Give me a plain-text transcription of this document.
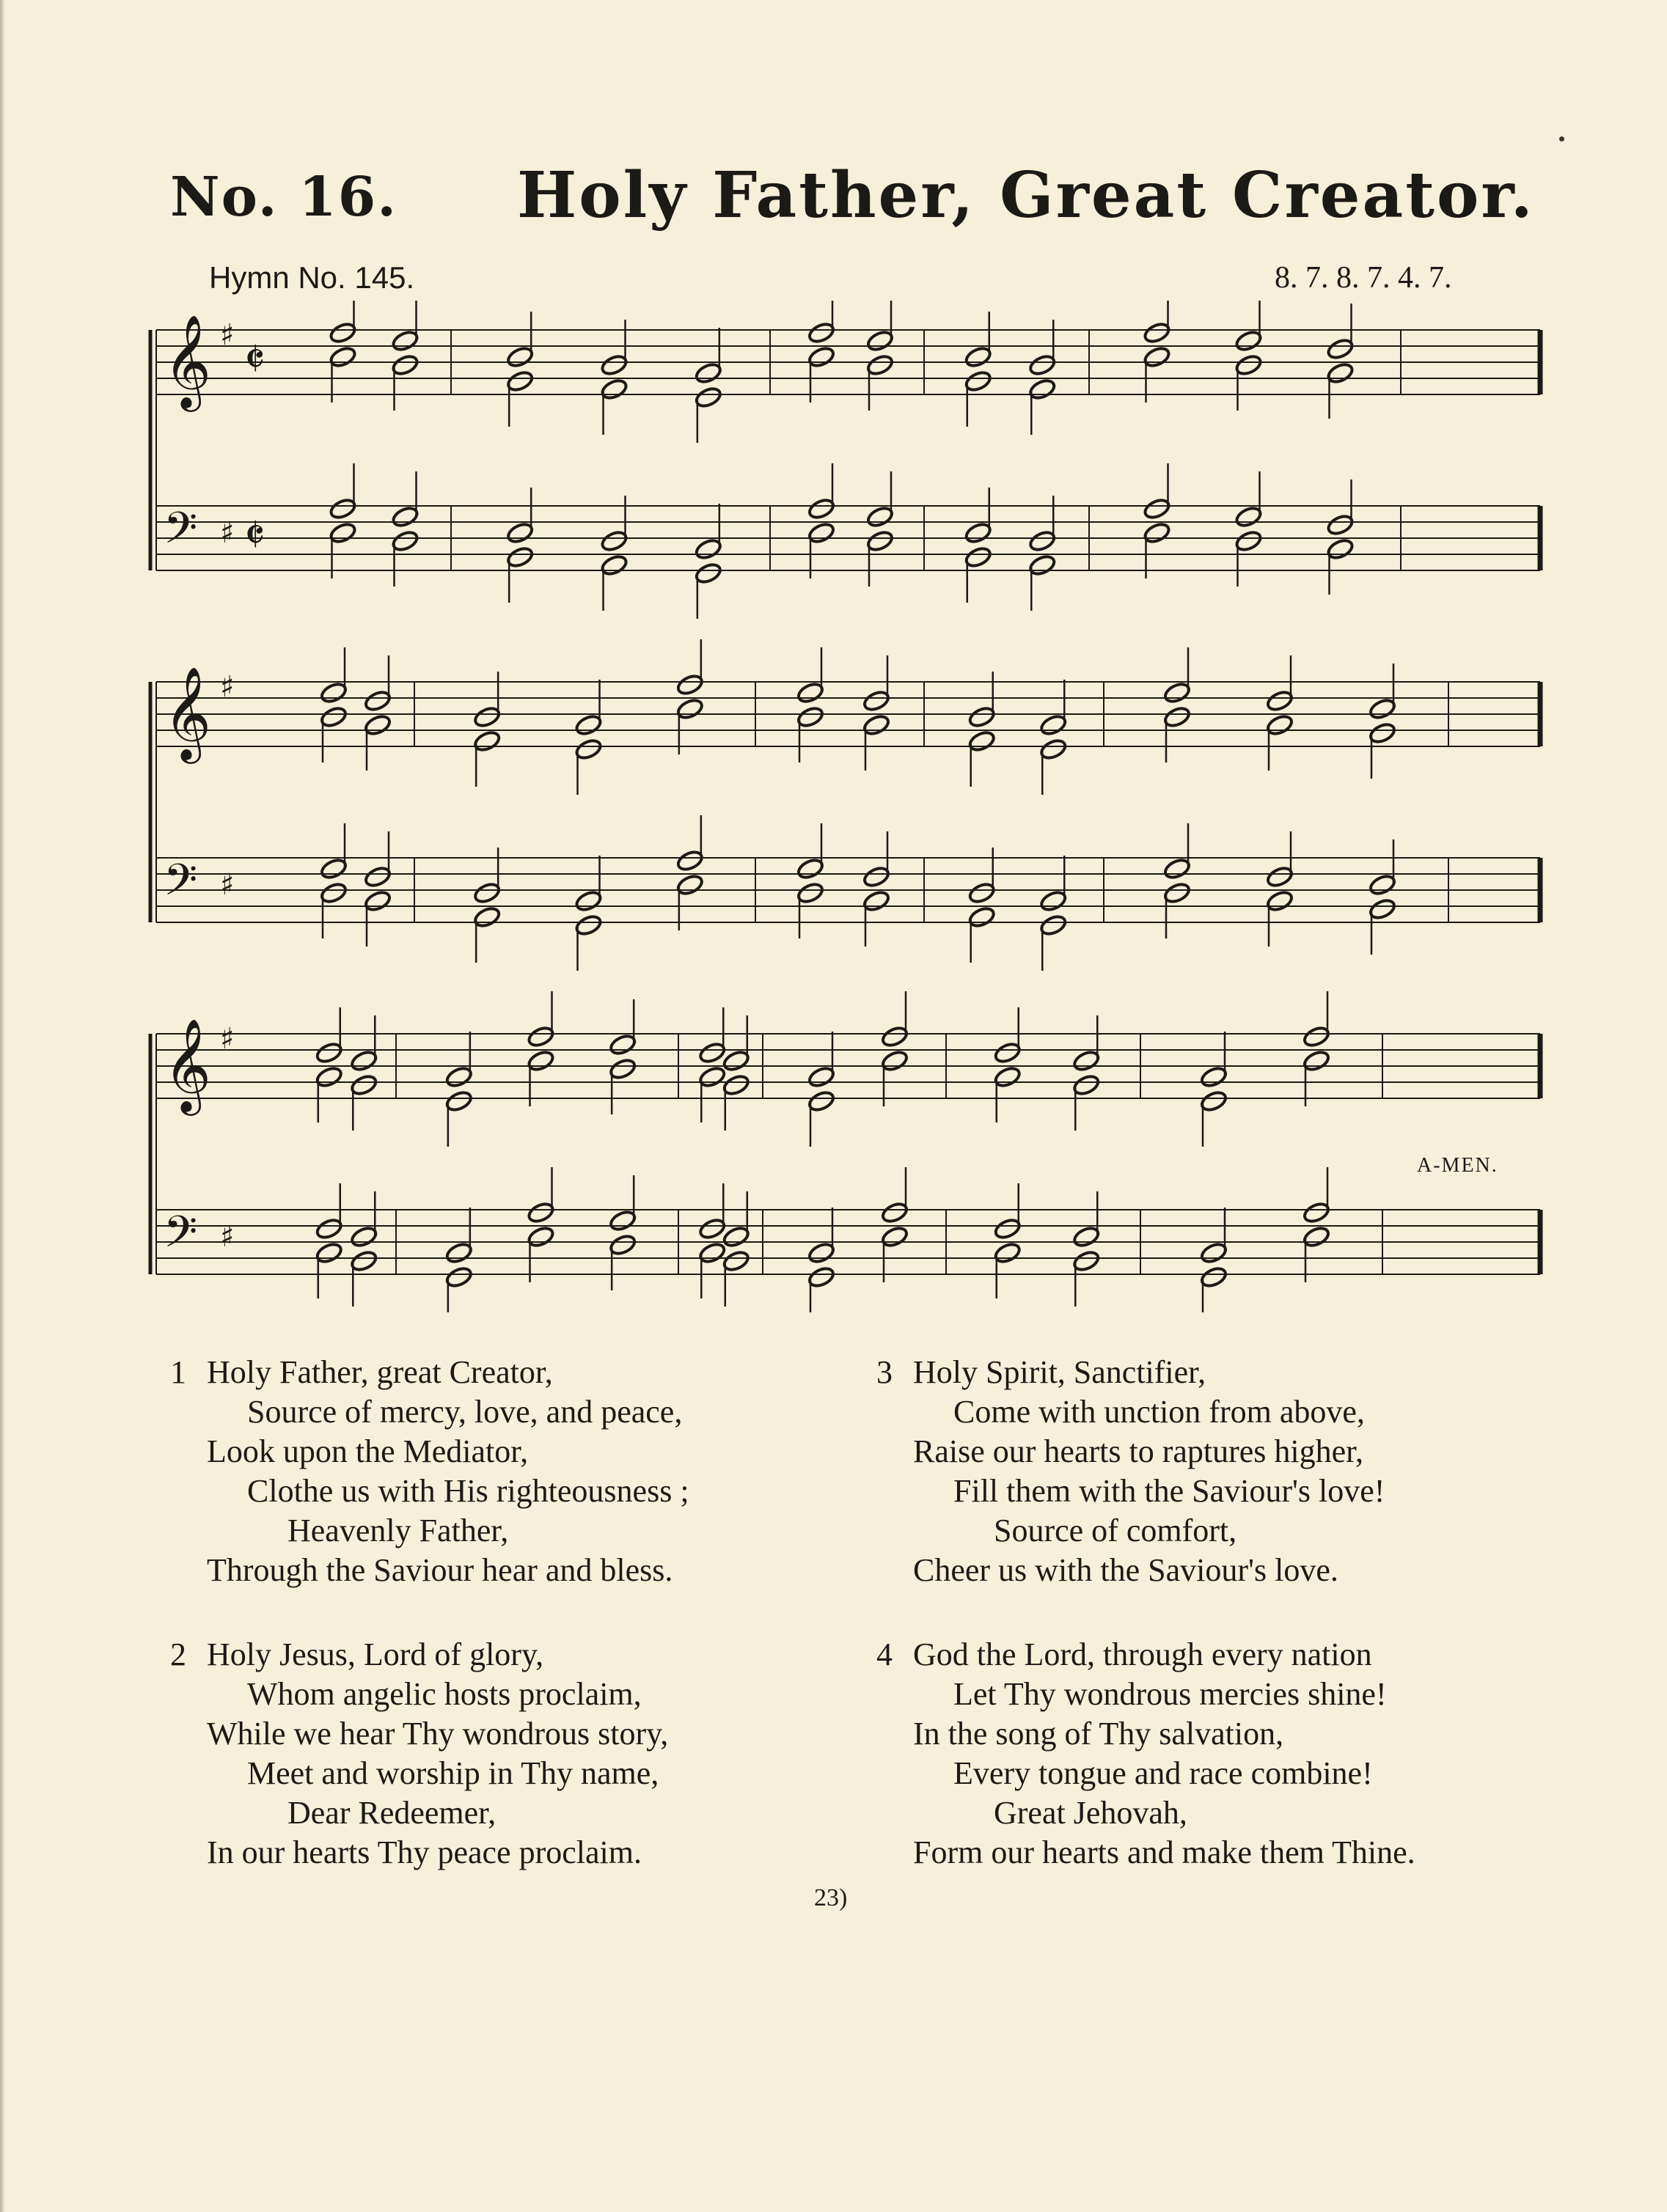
No. 16. Holy Father, Great Creator.
Hymn No. 145.	8. 7. 8. 7. 4. 7.
𝄞 ♯ 𝄵
𝄢 ♯ 𝄵
𝄞 ♯
𝄢 ♯
𝄞 ♯
𝄢 ♯
A-MEN.
1 Holy Father, great Creator,
Source of mercy, love, and peace,
Look upon the Mediator,
Clothe us with His righteousness ;
Heavenly Father,
Through the Saviour hear and bless.
2 Holy Jesus, Lord of glory,
Whom angelic hosts proclaim,
While we hear Thy wondrous story,
Meet and worship in Thy name,
Dear Redeemer,
In our hearts Thy peace proclaim.
3 Holy Spirit, Sanctifier,
Come with unction from above,
Raise our hearts to raptures higher,
Fill them with the Saviour's love!
Source of comfort,
Cheer us with the Saviour's love.
4 God the Lord, through every nation
Let Thy wondrous mercies shine!
In the song of Thy salvation,
Every tongue and race combine!
Great Jehovah,
Form our hearts and make them Thine.
23)
